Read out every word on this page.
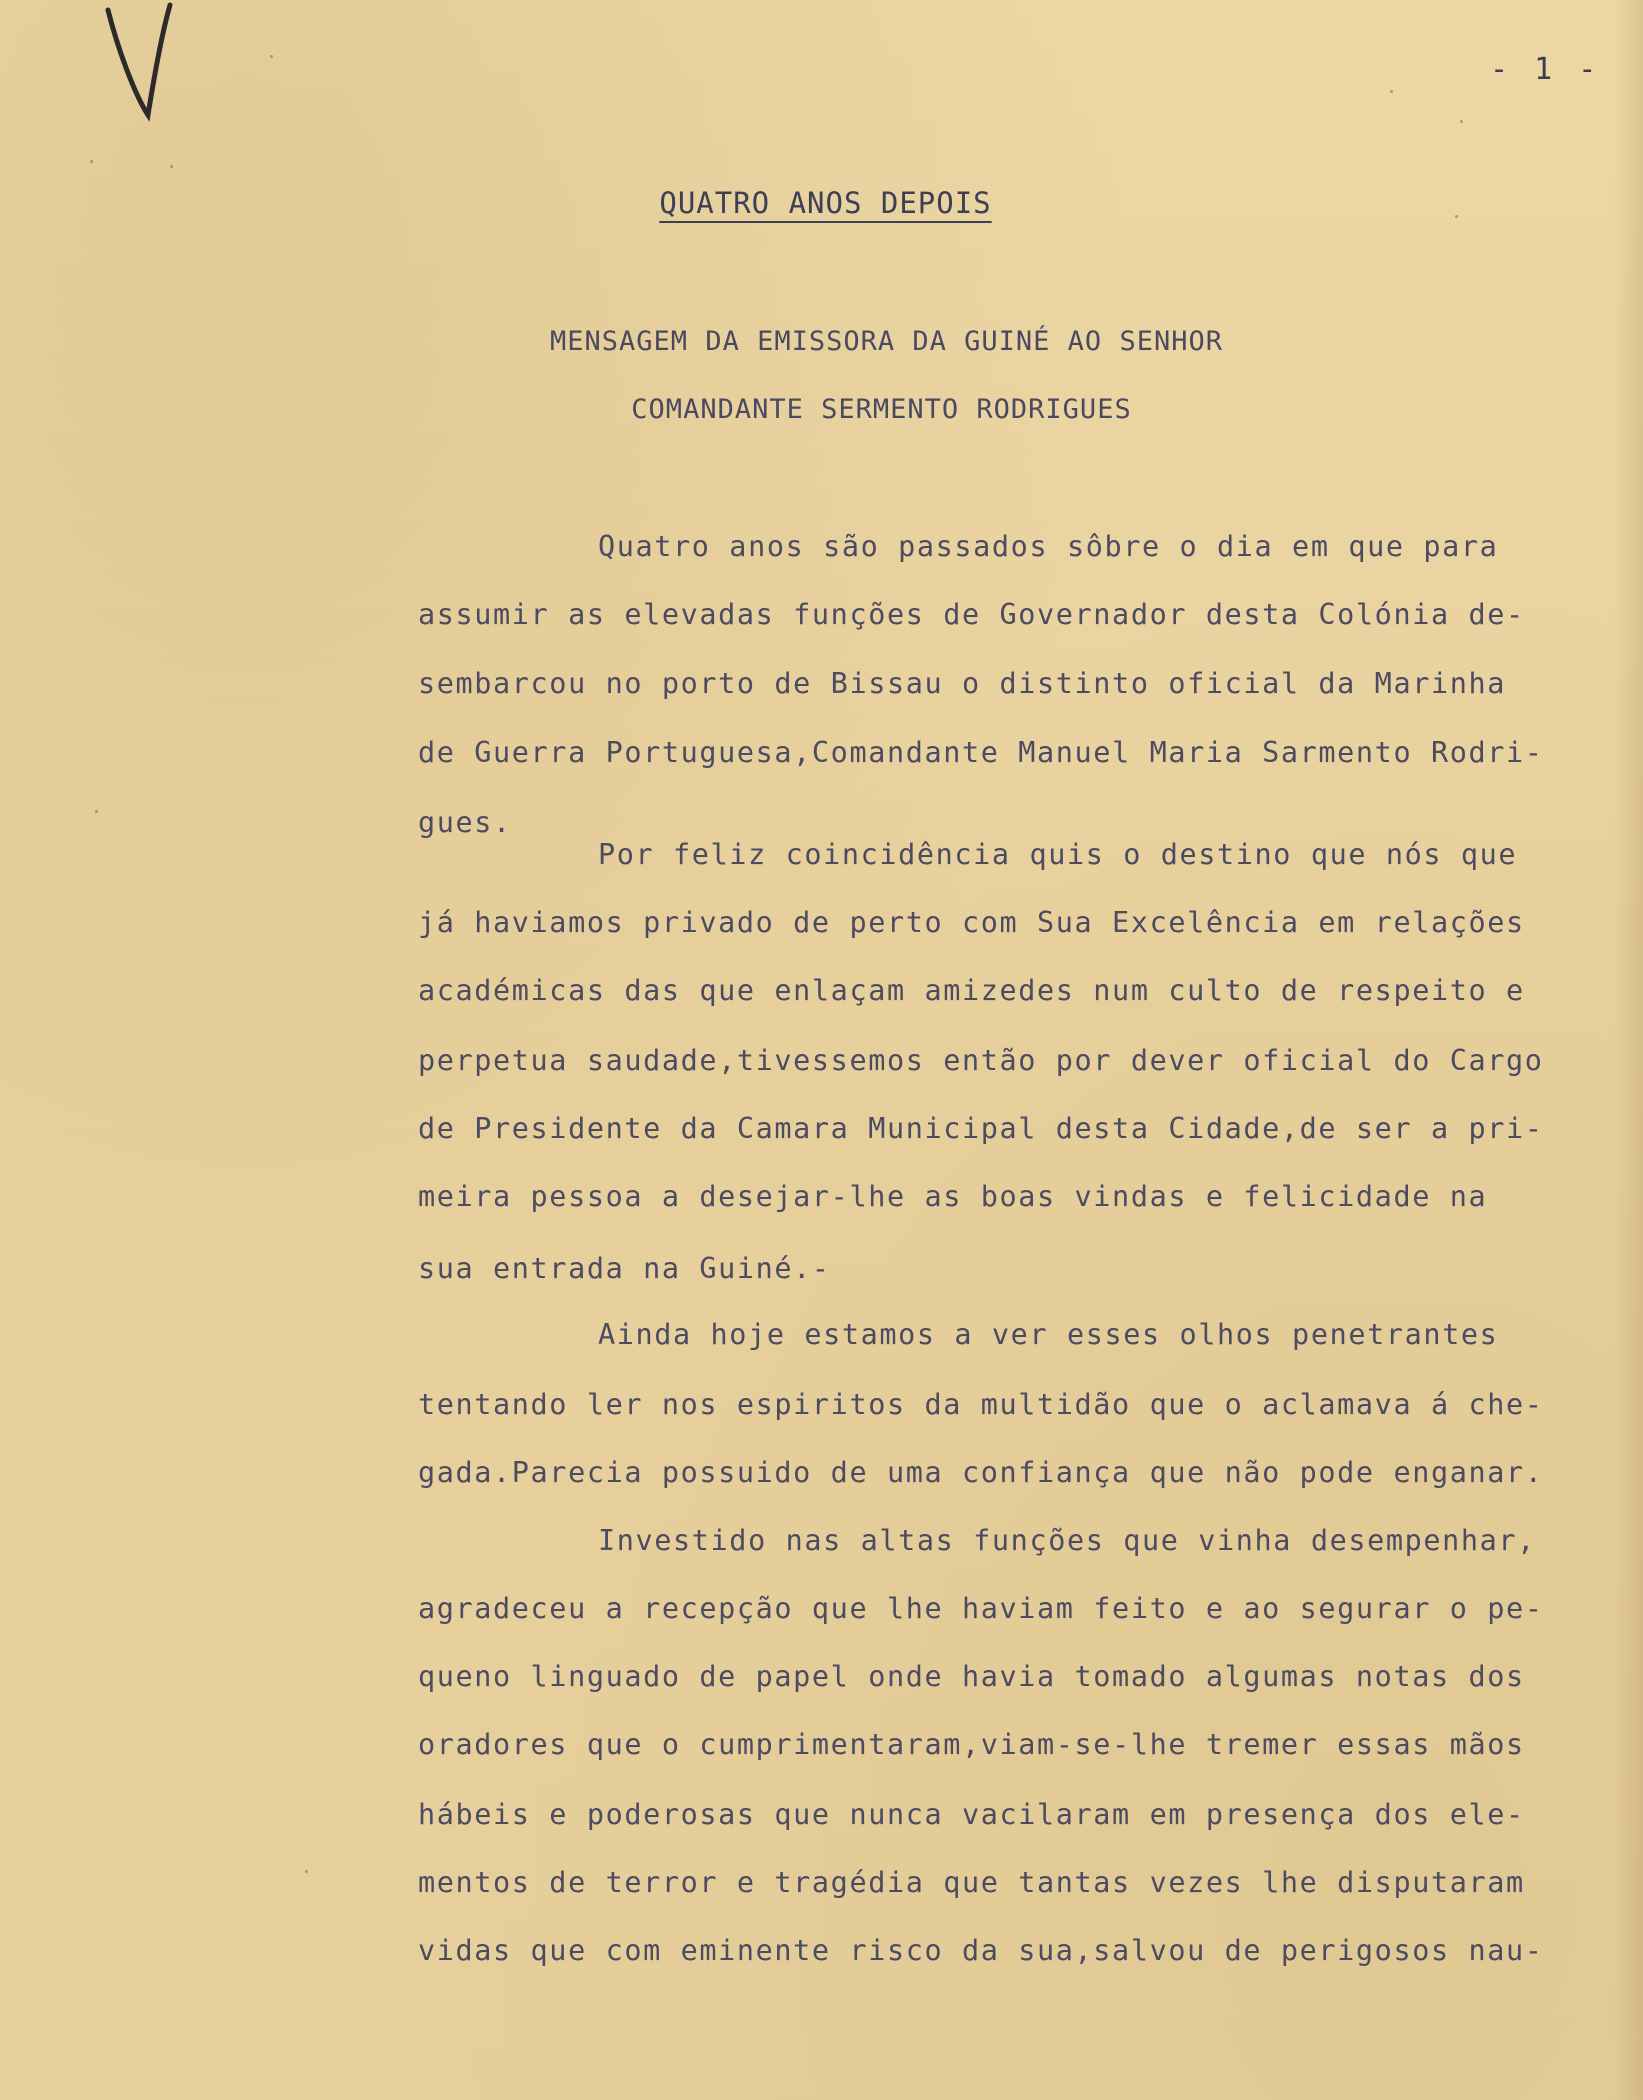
- 1 -
QUATRO ANOS DEPOIS
MENSAGEM DA EMISSORA DA GUINÉ AO SENHOR
COMANDANTE SERMENTO RODRIGUES
Quatro anos são passados sôbre o dia em que para
assumir as elevadas funções de Governador desta Colónia de-
sembarcou no porto de Bissau o distinto oficial da Marinha
de Guerra Portuguesa,Comandante Manuel Maria Sarmento Rodri-
gues.
Por feliz coincidência quis o destino que nós que
já haviamos privado de perto com Sua Excelência em relações
académicas das que enlaçam amizedes num culto de respeito e
perpetua saudade,tivessemos então por dever oficial do Cargo
de Presidente da Camara Municipal desta Cidade,de ser a pri-
meira pessoa a desejar-lhe as boas vindas e felicidade na
sua entrada na Guiné.-
Ainda hoje estamos a ver esses olhos penetrantes
tentando ler nos espiritos da multidão que o aclamava á che-
gada.Parecia possuido de uma confiança que não pode enganar.
Investido nas altas funções que vinha desempenhar,
agradeceu a recepção que lhe haviam feito e ao segurar o pe-
queno linguado de papel onde havia tomado algumas notas dos
oradores que o cumprimentaram,viam-se-lhe tremer essas mãos
hábeis e poderosas que nunca vacilaram em presença dos ele-
mentos de terror e tragédia que tantas vezes lhe disputaram
vidas que com eminente risco da sua,salvou de perigosos nau-
